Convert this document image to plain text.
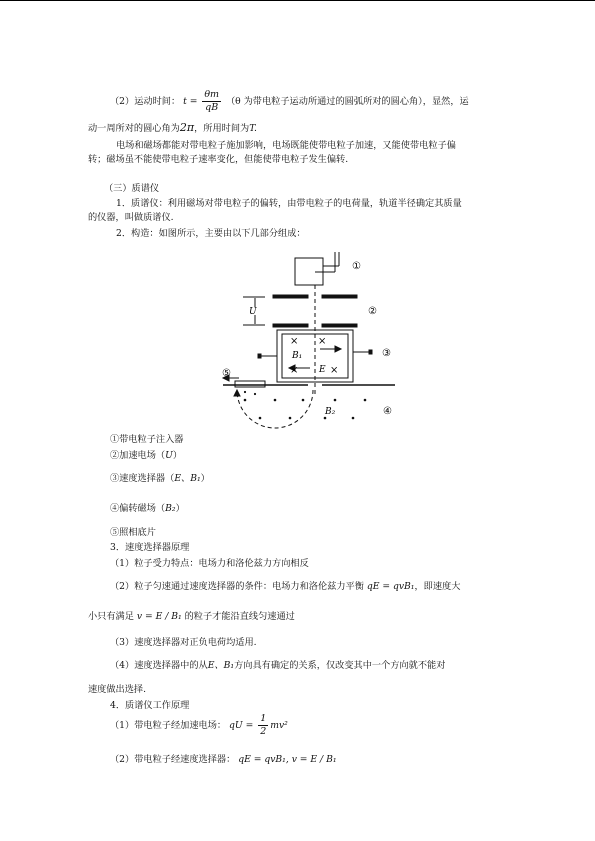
（2）运动时间： $t = \frac{\theta m}{qB} (\theta$ 为带电粒子运动所通过的圆弧所对的圆心角），显然，运
动一周所对的圆心角为2π，所用时间为T.
电场和磁场都能对带电粒子施加影响，电场既能使带电粒子加速，又能使带电粒子偏
转；磁场虽不能使带电粒子速率变化，但能使带电粒子发生偏转.
（三）质谱仪
1．质谱仪：利用磁场对带电粒子的偏转，由带电粒子的电荷量，轨道半径确定其质量
的仪器，叫做质谱仪.
2．构造：如图所示，主要由以下几部分组成：
①
②
③
④
⑤
U
B₁
B₂
E
× ×
×	×
①带电粒子注入器
②加速电场（U）
③速度选择器（E、B₁）
④偏转磁场（B₂）
⑤照相底片
3．速度选择器原理
（1）粒子受力特点：电场力和洛伦兹力方向相反
（2）粒子匀速通过速度选择器的条件：电场力和洛伦兹力平衡 qE = qvB₁，即速度大
小只有满足 v = E / B₁ 的粒子才能沿直线匀速通过
（3）速度选择器对正负电荷均适用.
（4）速度选择器中的从E、B₁方向具有确定的关系，仅改变其中一个方向就不能对
速度做出选择.
4．质谱仪工作原理
（1）带电粒子经加速电场： qU = $\frac{1}{2} mv^2$
（2）带电粒子经速度选择器： qE = qvB₁, v = E / B₁
